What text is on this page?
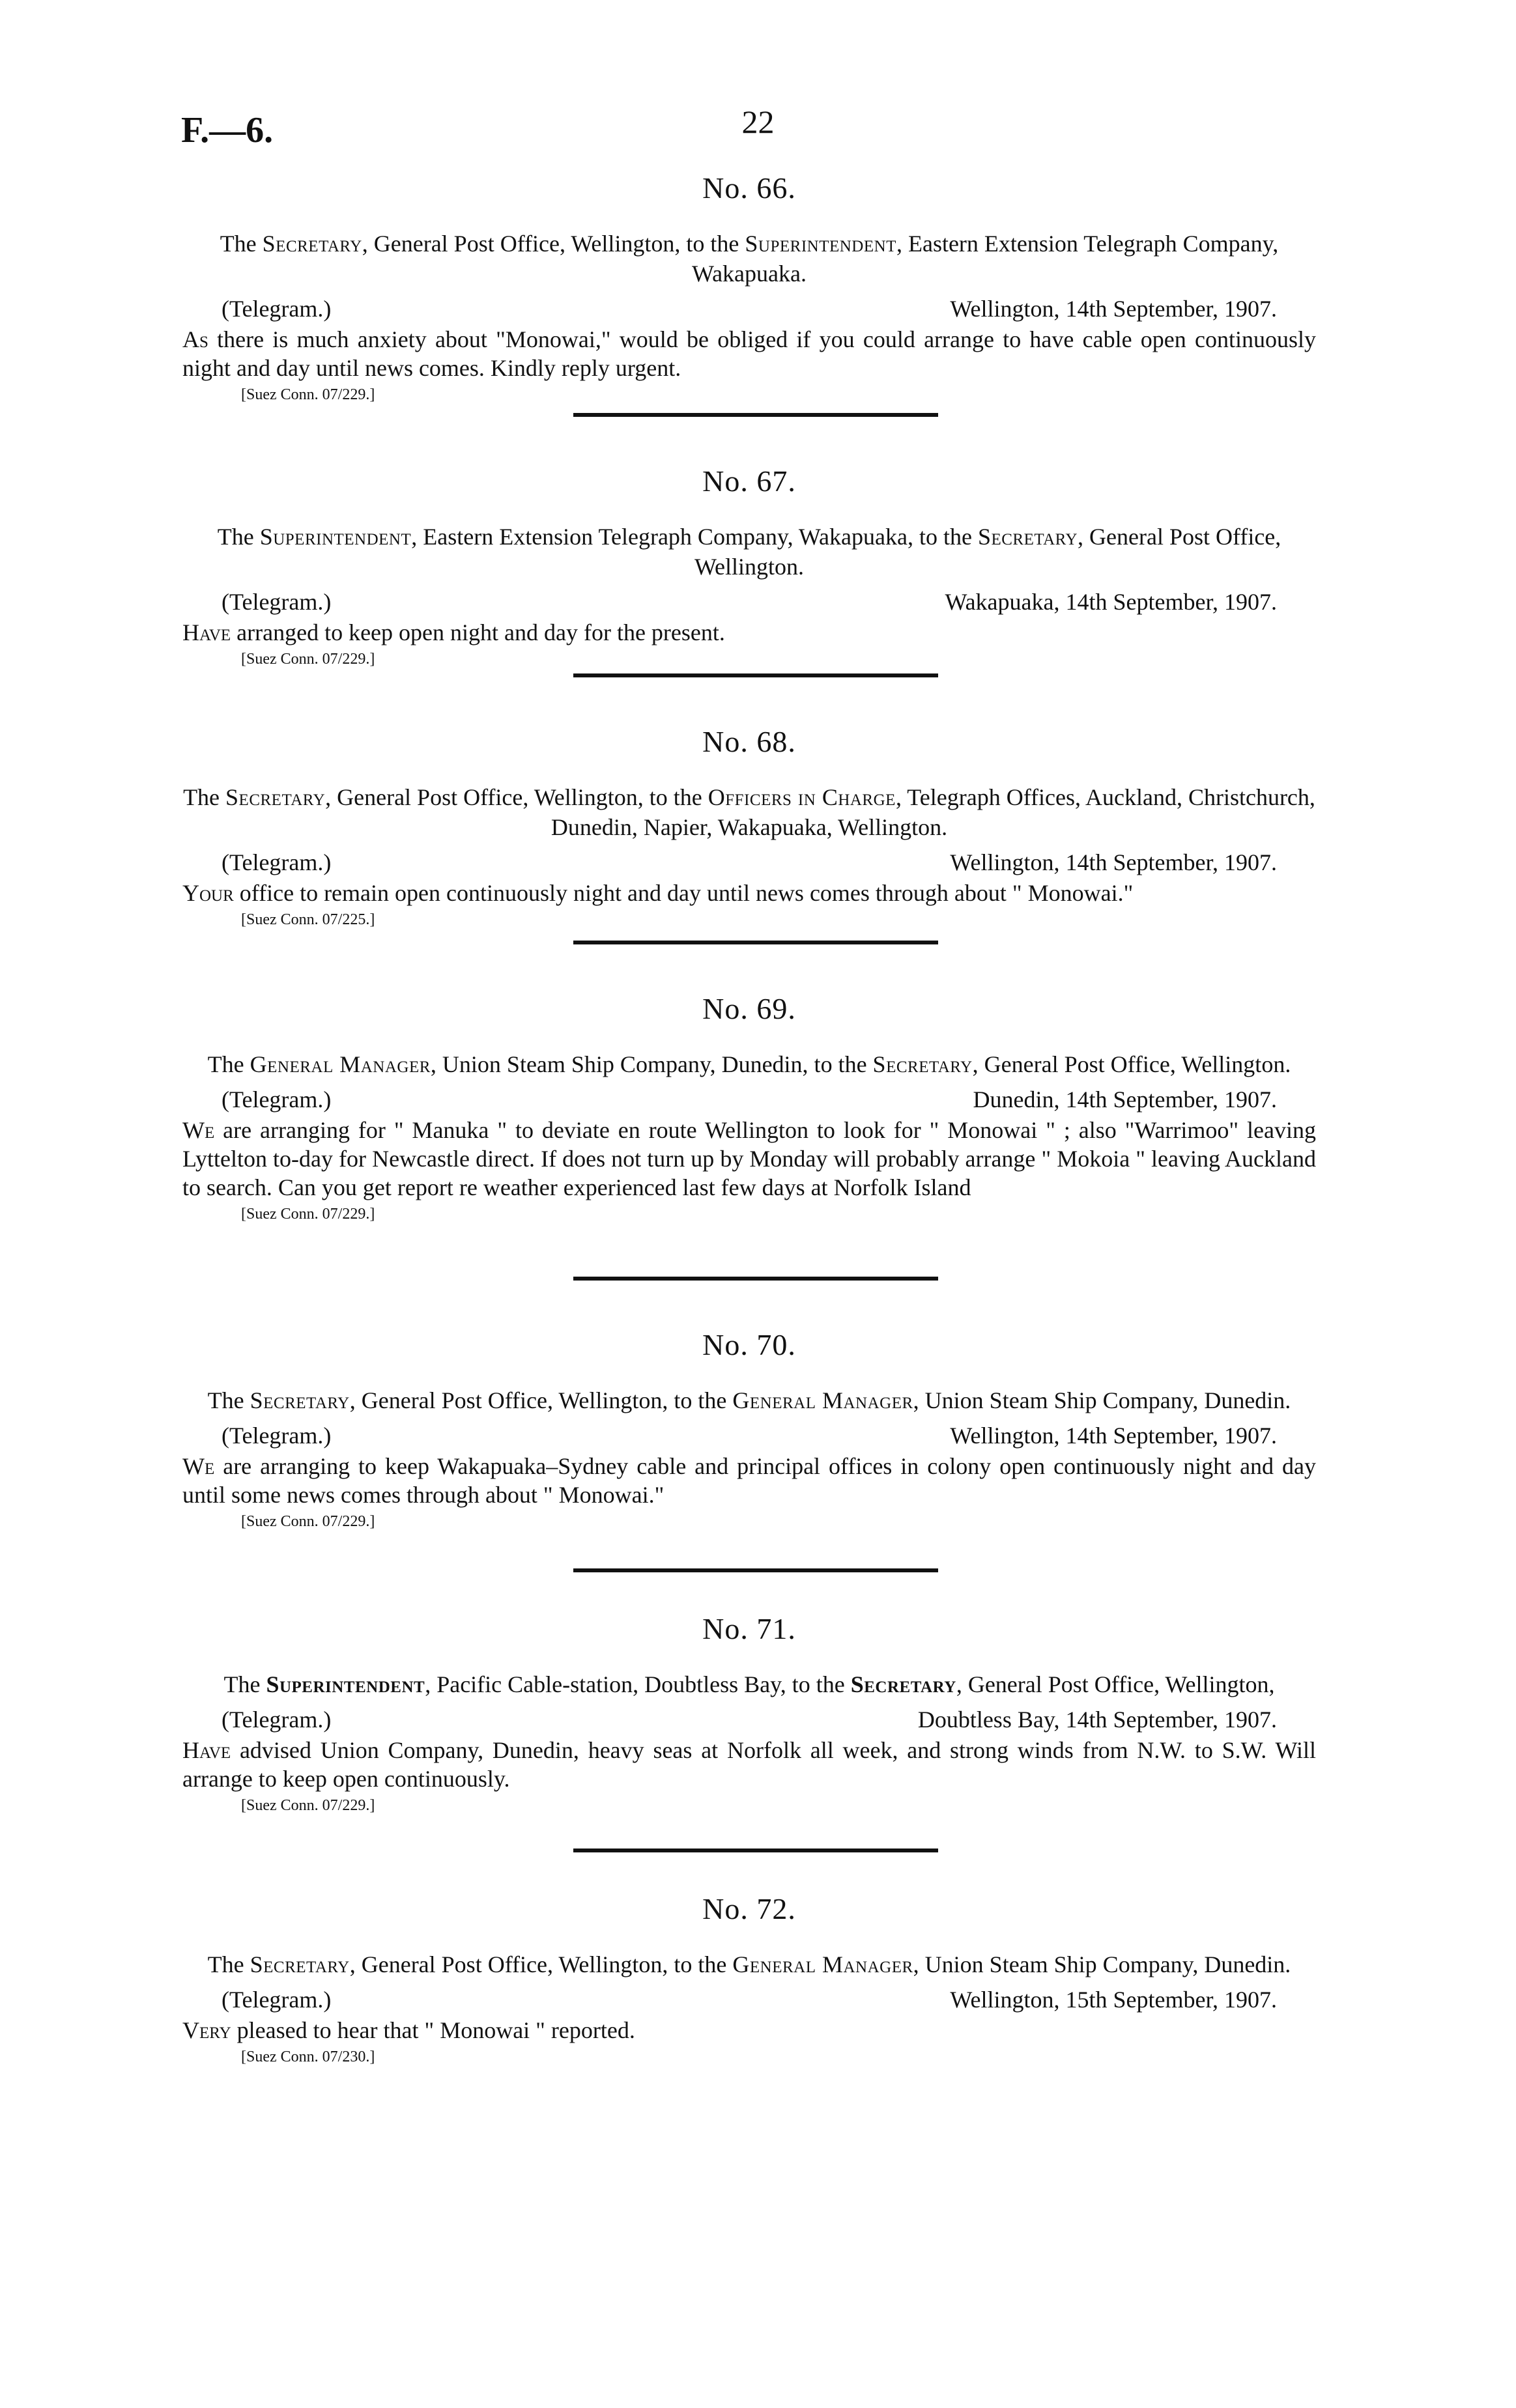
F.—6.	22
No. 66.
The Secretary, General Post Office, Wellington, to the Superintendent, Eastern Extension Telegraph Company, Wakapuaka.
(Telegram.)	Wellington, 14th September, 1907.
As there is much anxiety about "Monowai," would be obliged if you could arrange to have cable open continuously night and day until news comes. Kindly reply urgent.
[Suez Conn. 07/229.]
No. 67.
The Superintendent, Eastern Extension Telegraph Company, Wakapuaka, to the Secretary, General Post Office, Wellington.
(Telegram.)	Wakapuaka, 14th September, 1907.
Have arranged to keep open night and day for the present.
[Suez Conn. 07/229.]
No. 68.
The Secretary, General Post Office, Wellington, to the Officers in Charge, Telegraph Offices, Auckland, Christchurch, Dunedin, Napier, Wakapuaka, Wellington.
(Telegram.)	Wellington, 14th September, 1907.
Your office to remain open continuously night and day until news comes through about " Monowai."
[Suez Conn. 07/225.]
No. 69.
The General Manager, Union Steam Ship Company, Dunedin, to the Secretary, General Post Office, Wellington.
(Telegram.)	Dunedin, 14th September, 1907.
We are arranging for " Manuka " to deviate en route Wellington to look for " Monowai " ; also "Warrimoo" leaving Lyttelton to-day for Newcastle direct. If does not turn up by Monday will probably arrange " Mokoia " leaving Auckland to search. Can you get report re weather experienced last few days at Norfolk Island
[Suez Conn. 07/229.]
No. 70.
The Secretary, General Post Office, Wellington, to the General Manager, Union Steam Ship Company, Dunedin.
(Telegram.)	Wellington, 14th September, 1907.
We are arranging to keep Wakapuaka–Sydney cable and principal offices in colony open continuously night and day until some news comes through about " Monowai."
[Suez Conn. 07/229.]
No. 71.
The Superintendent, Pacific Cable-station, Doubtless Bay, to the Secretary, General Post Office, Wellington,
(Telegram.)	Doubtless Bay, 14th September, 1907.
Have advised Union Company, Dunedin, heavy seas at Norfolk all week, and strong winds from N.W. to S.W. Will arrange to keep open continuously.
[Suez Conn. 07/229.]
No. 72.
The Secretary, General Post Office, Wellington, to the General Manager, Union Steam Ship Company, Dunedin.
(Telegram.)	Wellington, 15th September, 1907.
Very pleased to hear that " Monowai " reported.
[Suez Conn. 07/230.]
